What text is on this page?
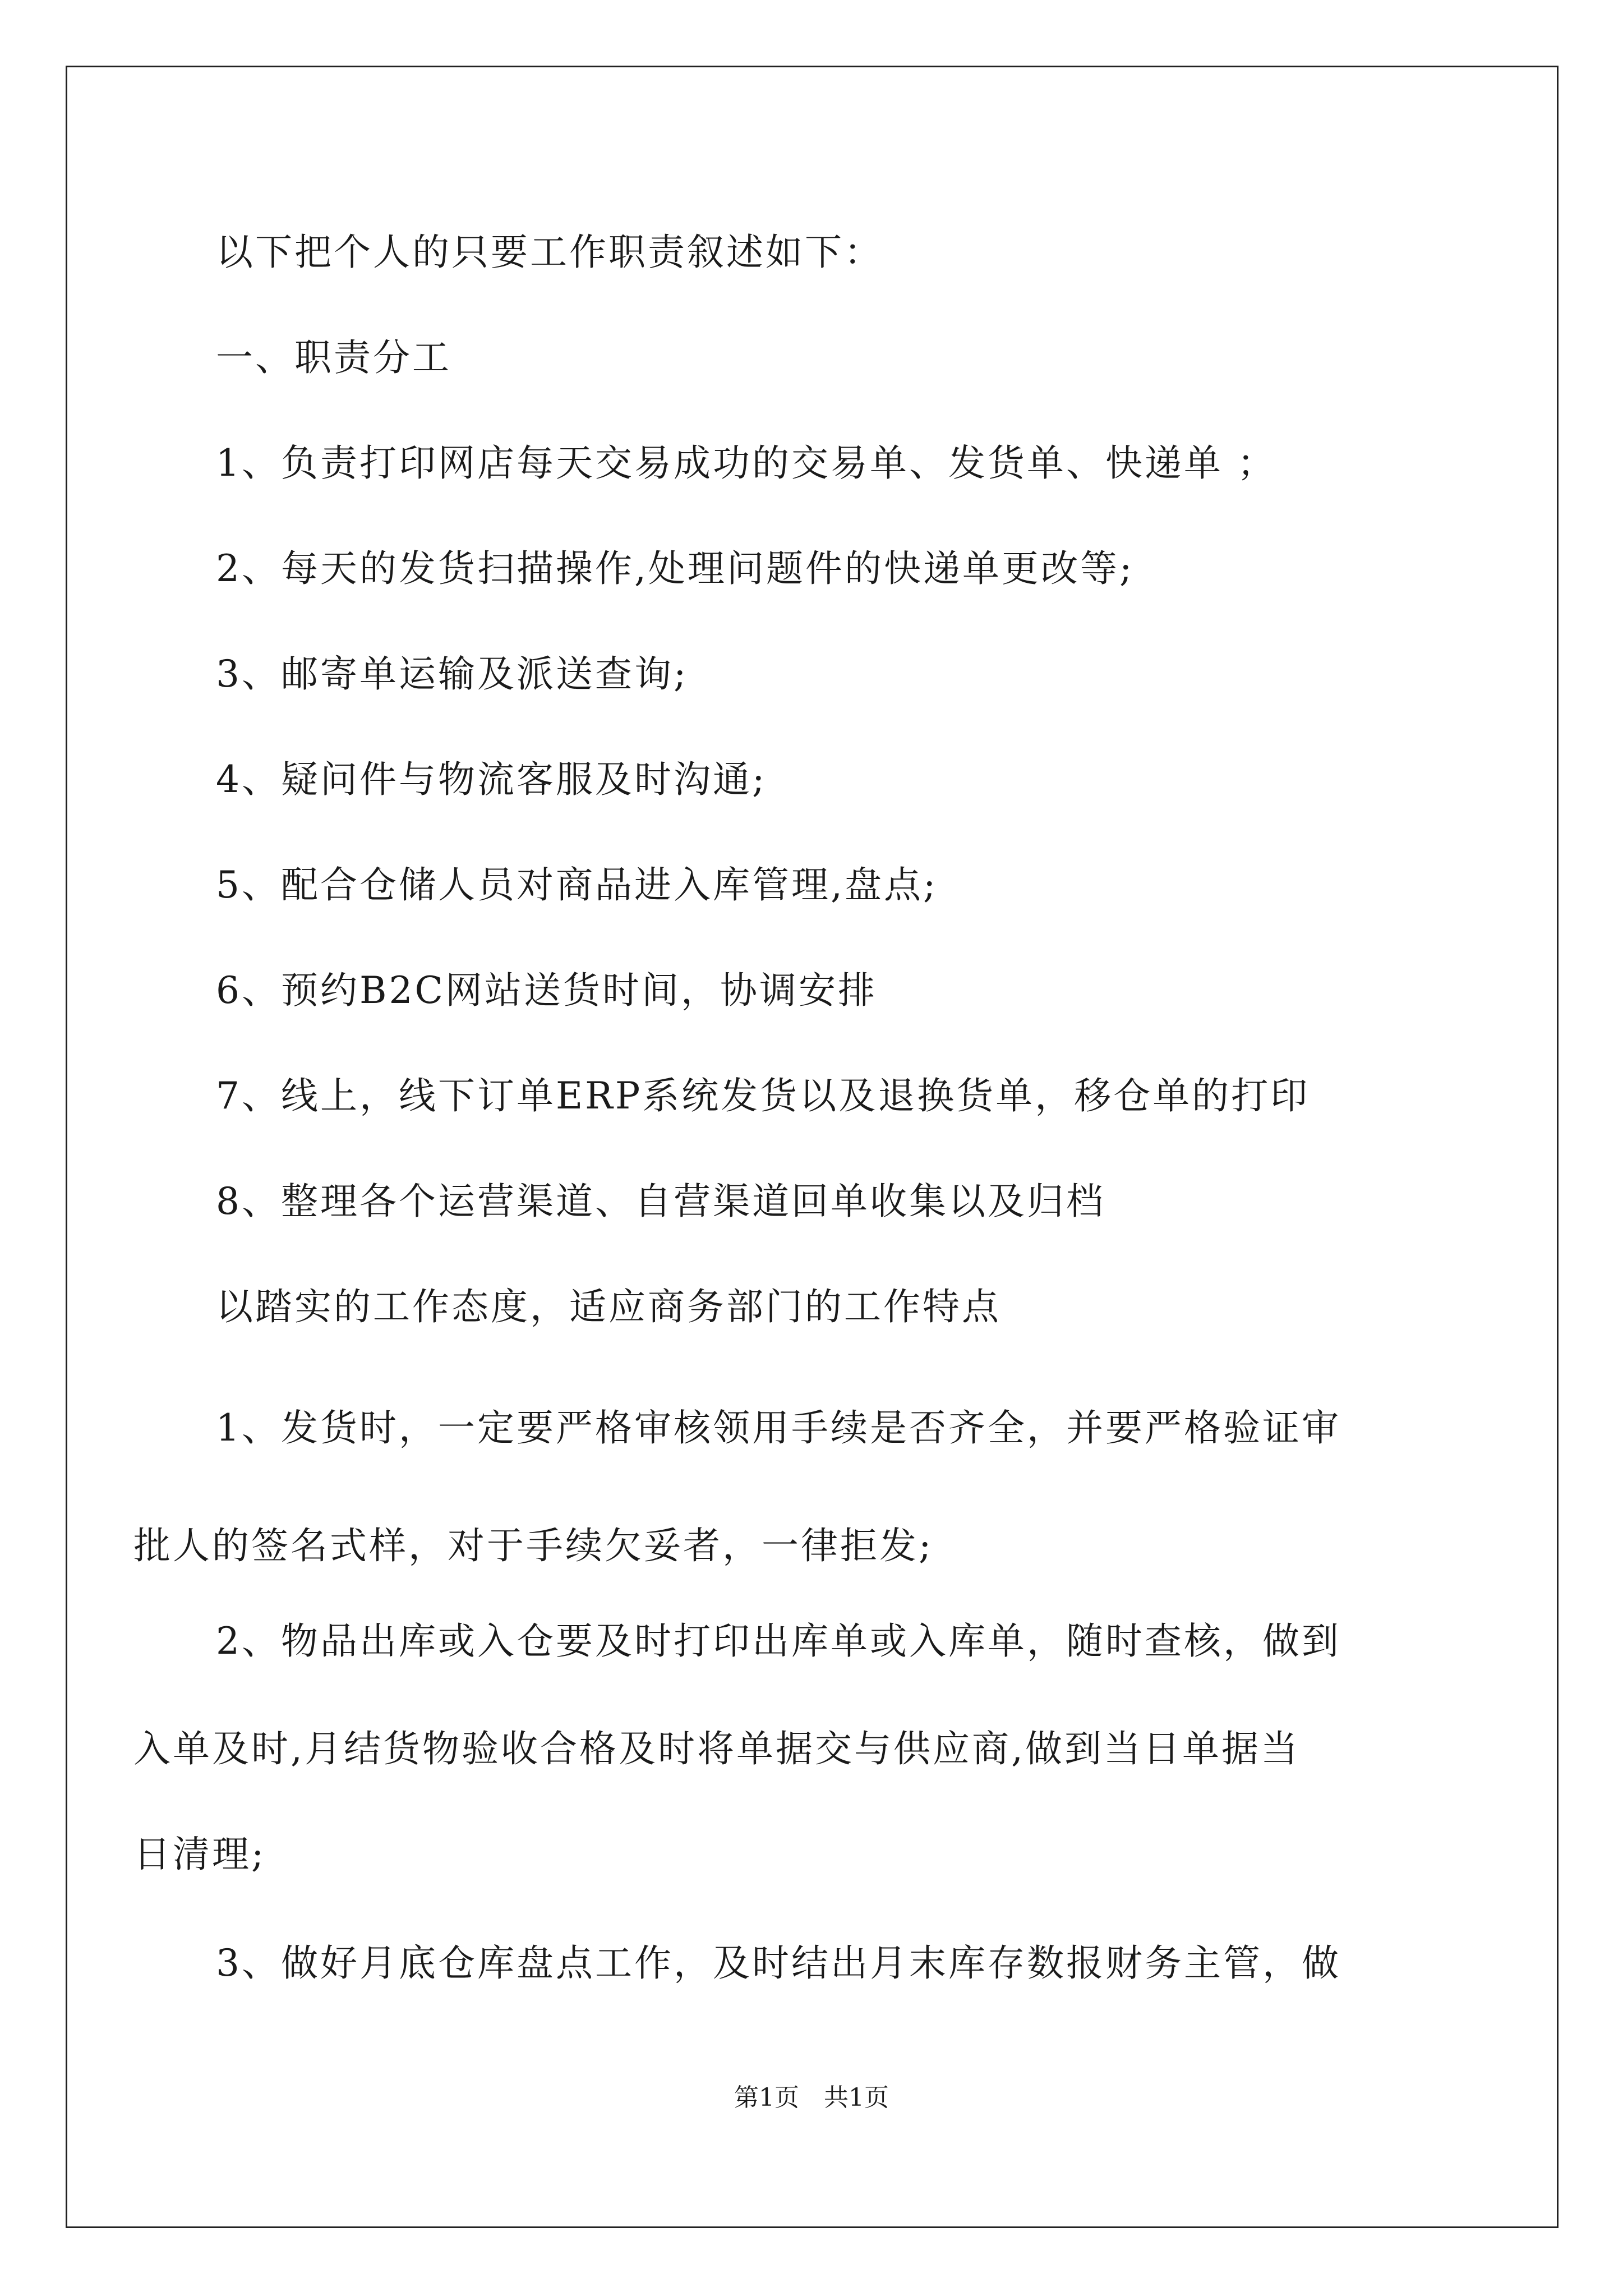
以下把个人的只要工作职责叙述如下：
一、职责分工
1、负责打印网店每天交易成功的交易单、发货单、快递单 ；
2、每天的发货扫描操作,处理问题件的快递单更改等;
3、邮寄单运输及派送查询;
4、疑问件与物流客服及时沟通;
5、配合仓储人员对商品进入库管理,盘点;
6、预约B2C网站送货时间，协调安排
7、线上，线下订单ERP系统发货以及退换货单，移仓单的打印
8、整理各个运营渠道、自营渠道回单收集以及归档
以踏实的工作态度，适应商务部门的工作特点
1、发货时，一定要严格审核领用手续是否齐全，并要严格验证审
批人的签名式样，对于手续欠妥者，一律拒发;
2、物品出库或入仓要及时打印出库单或入库单，随时查核，做到
入单及时,月结货物验收合格及时将单据交与供应商,做到当日单据当
日清理;
3、做好月底仓库盘点工作，及时结出月末库存数报财务主管，做
第1页 共1页
